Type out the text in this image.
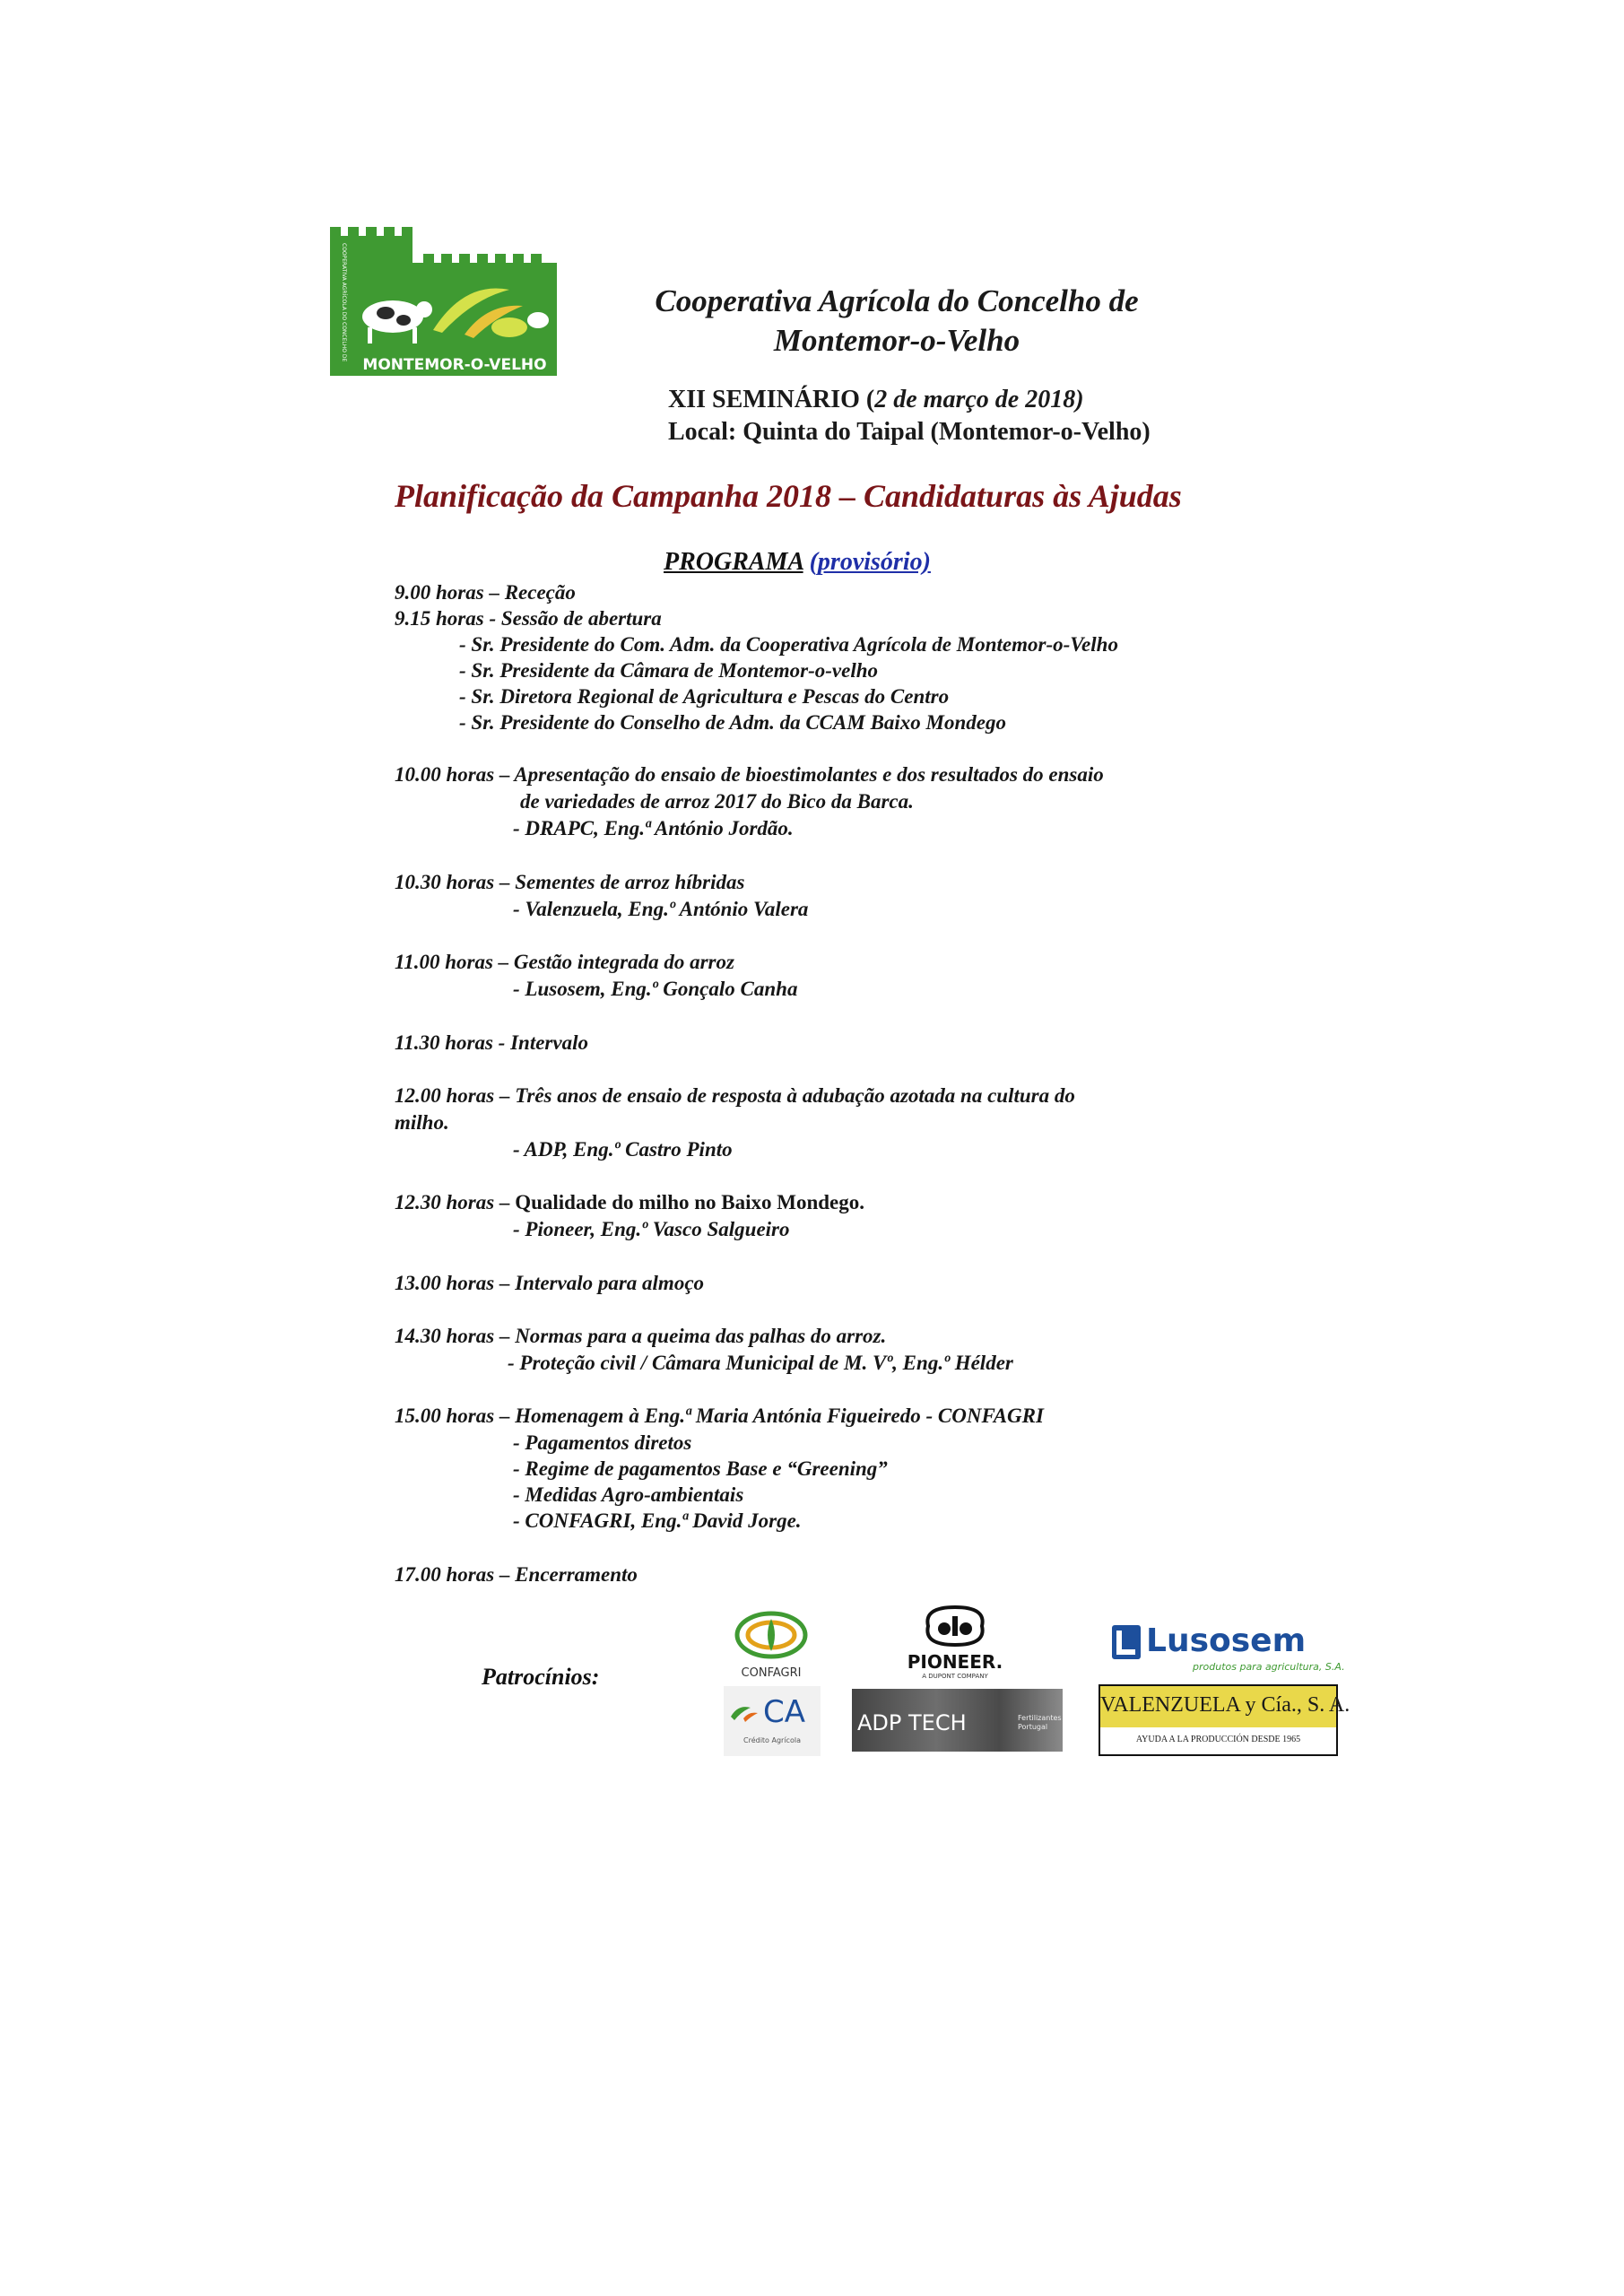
COOPERATIVA AGRÍCOLA DO CONCELHO DE
MONTEMOR-O-VELHO
Cooperativa Agrícola do Concelho de
Montemor-o-Velho
XII SEMINÁRIO (2 de março de 2018)
Local: Quinta do Taipal (Montemor-o-Velho)
Planificação da Campanha 2018 – Candidaturas às Ajudas
PROGRAMA (provisório)
9.00 horas – Receção
9.15 horas - Sessão de abertura
- Sr. Presidente do Com. Adm. da Cooperativa Agrícola de Montemor-o-Velho
- Sr. Presidente da Câmara de Montemor-o-velho
- Sr. Diretora Regional de Agricultura e Pescas do Centro
- Sr. Presidente do Conselho de Adm. da CCAM Baixo Mondego
10.00 horas – Apresentação do ensaio de bioestimolantes e dos resultados do ensaio
de variedades de arroz 2017 do Bico da Barca.
- DRAPC, Eng.ª António Jordão.
10.30 horas – Sementes de arroz híbridas
- Valenzuela, Eng.º António Valera
11.00 horas – Gestão integrada do arroz
- Lusosem, Eng.º Gonçalo Canha
11.30 horas - Intervalo
12.00 horas – Três anos de ensaio de resposta à adubação azotada na cultura do
milho.
- ADP, Eng.º Castro Pinto
12.30 horas – Qualidade do milho no Baixo Mondego.
- Pioneer, Eng.º Vasco Salgueiro
13.00 horas – Intervalo para almoço
14.30 horas – Normas para a queima das palhas do arroz.
- Proteção civil / Câmara Municipal de M. Vº, Eng.º Hélder
15.00 horas – Homenagem à Eng.ª Maria Antónia Figueiredo - CONFAGRI
- Pagamentos diretos
- Regime de pagamentos Base e “Greening”
- Medidas Agro-ambientais
- CONFAGRI, Eng.ª David Jorge.
17.00 horas – Encerramento
Patrocínios:	CONFAGRI
PIONEER.
A DUPONT COMPANY
Lusosem
produtos para agricultura, S.A.
CA
Crédito Agrícola
ADP TECH	Fertilizantes Portugal
VALENZUELA y Cía., S. A.
AYUDA A LA PRODUCCIÓN DESDE 1965
